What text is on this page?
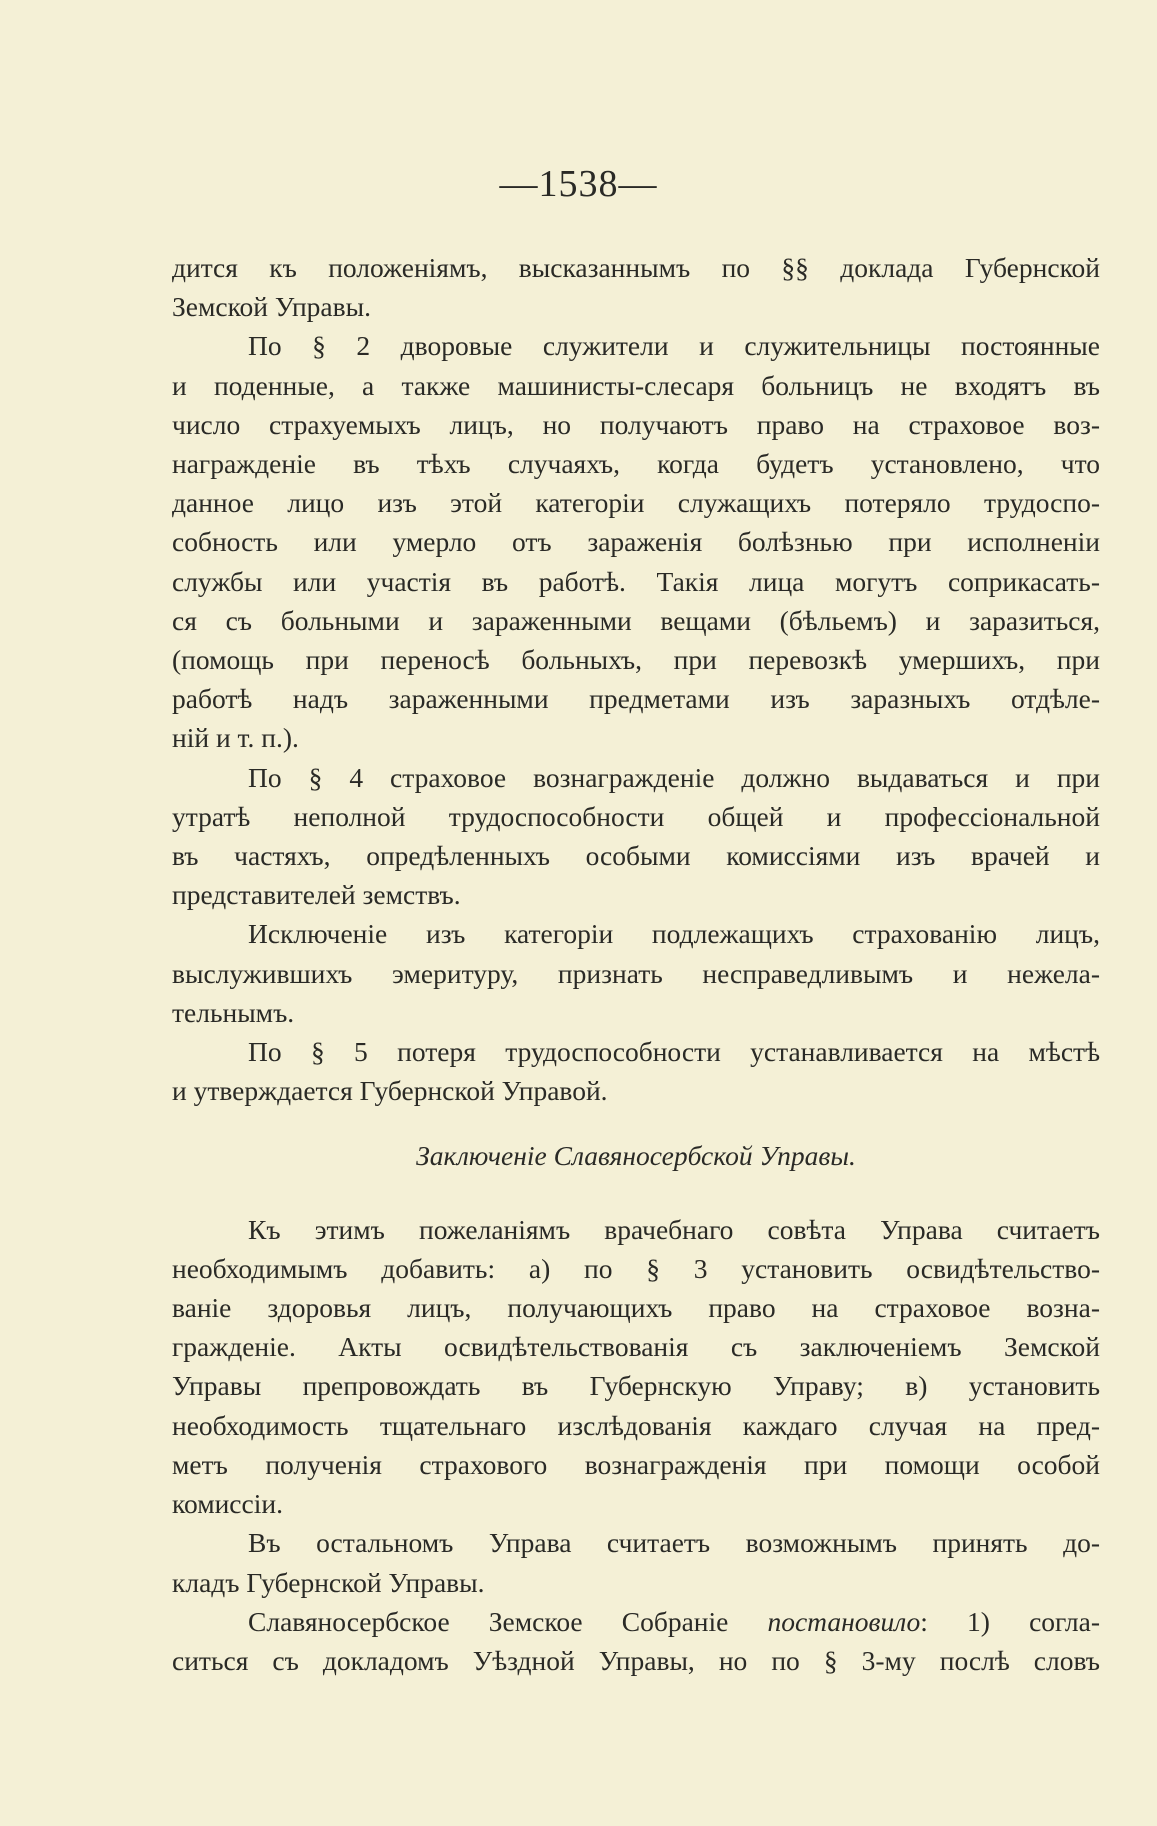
—1538—

дится къ положеніямъ, высказаннымъ по §§ доклада Губернской

Земской Управы.

По § 2 дворовые служители и служительницы постоянные

и поденные, а также машинисты-слесаря больницъ не входятъ въ

число страхуемыхъ лицъ, но получаютъ право на страховое воз-

награжденіе въ тѣхъ случаяхъ, когда будетъ установлено, что

данное лицо изъ этой категоріи служащихъ потеряло трудоспо-

собность или умерло отъ зараженія болѣзнью при исполненіи

службы или участія въ работѣ. Такія лица могутъ соприкасать-

ся съ больными и зараженными вещами (бѣльемъ) и заразиться,

(помощь при переносѣ больныхъ, при перевозкѣ умершихъ, при

работѣ надъ зараженными предметами изъ заразныхъ отдѣле-

ній и т. п.).

По § 4 страховое вознагражденіе должно выдаваться и при

утратѣ неполной трудоспособности общей и профессіональной

въ частяхъ, опредѣленныхъ особыми комиссіями изъ врачей и

представителей земствъ.

Исключеніе изъ категоріи подлежащихъ страхованію лицъ,

выслужившихъ эмеритуру, признать несправедливымъ и нежела-

тельнымъ.

По § 5 потеря трудоспособности устанавливается на мѣстѣ

и утверждается Губернской Управой.

Заключеніе Славяносербской Управы.

Къ этимъ пожеланіямъ врачебнаго совѣта Управа считаетъ

необходимымъ добавить: а) по § 3 установить освидѣтельство-

ваніе здоровья лицъ, получающихъ право на страховое возна-

гражденіе. Акты освидѣтельствованія съ заключеніемъ Земской

Управы препровождать въ Губернскую Управу; в) установить

необходимость тщательнаго изслѣдованія каждаго случая на пред-

метъ полученія страхового вознагражденія при помощи особой

комиссіи.

Въ остальномъ Управа считаетъ возможнымъ принять до-

кладъ Губернской Управы.

Славяносербское Земское Собраніе постановило: 1) согла-

ситься съ докладомъ Уѣздной Управы, но по § 3-му послѣ словъ
